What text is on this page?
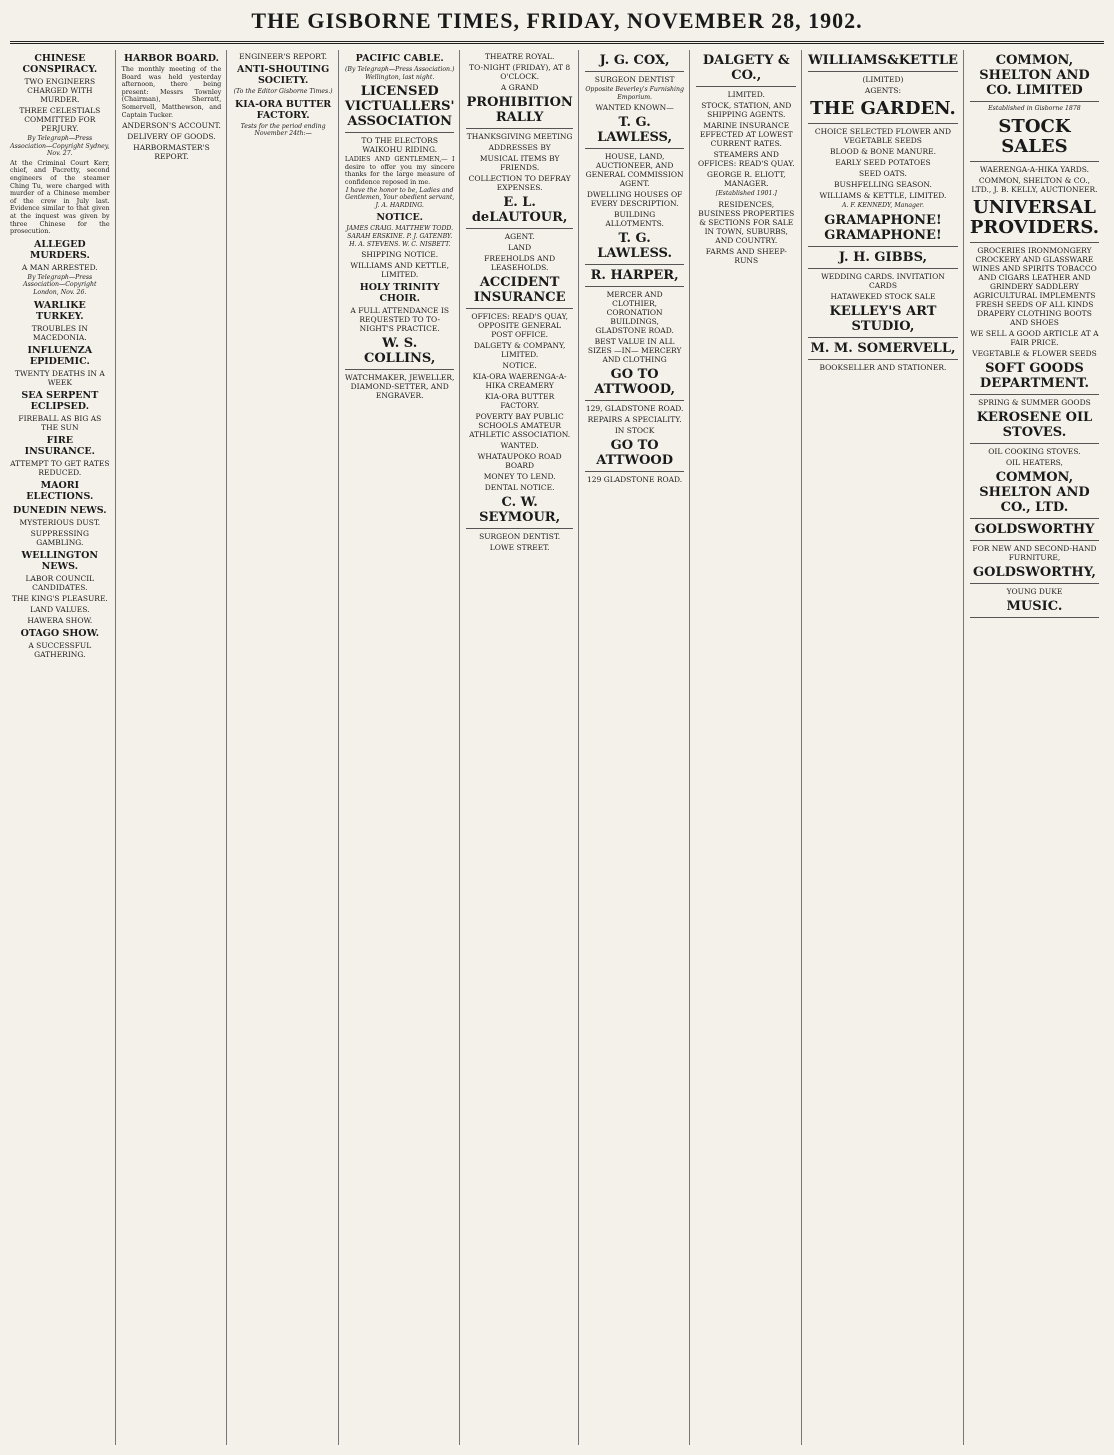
THE GISBORNE TIMES, FRIDAY, NOVEMBER 28, 1902.
CHINESE CONSPIRACY.
TWO ENGINEERS CHARGED WITH MURDER.
THREE CELESTIALS COMMITTED FOR PERJURY.
By Telegraph—Press Association—Copyright Sydney, Nov. 27.
At the Criminal Court Kerr, chief, and Pacretty, second engineers of the steamer Ching Tu, were charged with murder of a Chinese member of the crew in July last. Evidence similar to that given at the inquest was given by three Chinese for the prosecution.
ALLEGED MURDERS.
A MAN ARRESTED.
By Telegraph—Press Association—Copyright London, Nov. 26.
WARLIKE TURKEY.
TROUBLES IN MACEDONIA.
INFLUENZA EPIDEMIC.
TWENTY DEATHS IN A WEEK
SEA SERPENT ECLIPSED.
FIREBALL AS BIG AS THE SUN
FIRE INSURANCE.
ATTEMPT TO GET RATES REDUCED.
MAORI ELECTIONS.
DUNEDIN NEWS.
MYSTERIOUS DUST.
SUPPRESSING GAMBLING.
WELLINGTON NEWS.
LABOR COUNCIL CANDIDATES.
THE KING'S PLEASURE.
LAND VALUES.
HAWERA SHOW.
OTAGO SHOW.
A SUCCESSFUL GATHERING.
HARBOR BOARD.
The monthly meeting of the Board was held yesterday afternoon, there being present: Messrs Townley (Chairman), Sherratt, Somervell, Matthewson, and Captain Tucker.
ANDERSON'S ACCOUNT.
DELIVERY OF GOODS.
HARBORMASTER'S REPORT.
ENGINEER'S REPORT.
ANTI-SHOUTING SOCIETY.
(To the Editor Gisborne Times.)
KIA-ORA BUTTER FACTORY.
Tests for the period ending November 24th:—
PACIFIC CABLE.
(By Telegraph—Press Association.) Wellington, last night.
LICENSED VICTUALLERS' ASSOCIATION
TO THE ELECTORS WAIKOHU RIDING.
LADIES AND GENTLEMEN,— I desire to offer you my sincere thanks for the large measure of confidence reposed in me.
I have the honor to be, Ladies and Gentlemen, Your obedient servant, J. A. HARDING.
NOTICE.
JAMES CRAIG. MATTHEW TODD. SARAH ERSKINE. P. J. GATENBY. H. A. STEVENS. W. C. NISBETT.
SHIPPING NOTICE.
WILLIAMS AND KETTLE, LIMITED.
HOLY TRINITY CHOIR.
A FULL ATTENDANCE IS REQUESTED TO TO-NIGHT'S PRACTICE.
W. S. COLLINS,
WATCHMAKER, JEWELLER, DIAMOND-SETTER, AND ENGRAVER.
THEATRE ROYAL.
TO-NIGHT (FRIDAY), AT 8 O'CLOCK.
A GRAND
PROHIBITION RALLY
THANKSGIVING MEETING
ADDRESSES BY
MUSICAL ITEMS BY FRIENDS.
COLLECTION TO DEFRAY EXPENSES.
E. L. deLAUTOUR,
AGENT.
LAND
FREEHOLDS AND LEASEHOLDS.
ACCIDENT INSURANCE
OFFICES: READ'S QUAY, OPPOSITE GENERAL POST OFFICE.
DALGETY & COMPANY, LIMITED.
NOTICE.
KIA-ORA WAERENGA-A-HIKA CREAMERY
KIA-ORA BUTTER FACTORY.
POVERTY BAY PUBLIC SCHOOLS AMATEUR ATHLETIC ASSOCIATION.
WANTED.
WHATAUPOKO ROAD BOARD
MONEY TO LEND.
DENTAL NOTICE.
C. W. SEYMOUR,
SURGEON DENTIST.
LOWE STREET.
J. G. COX,
SURGEON DENTIST
Opposite Beverley's Furnishing Emporium.
WANTED KNOWN—
T. G. LAWLESS,
HOUSE, LAND, AUCTIONEER, AND GENERAL COMMISSION AGENT.
DWELLING HOUSES OF EVERY DESCRIPTION.
BUILDING ALLOTMENTS.
T. G. LAWLESS.
R. HARPER,
MERCER AND CLOTHIER, CORONATION BUILDINGS, GLADSTONE ROAD.
BEST VALUE IN ALL SIZES —IN— MERCERY AND CLOTHING
GO TO ATTWOOD,
129, GLADSTONE ROAD.
REPAIRS A SPECIALITY.
IN STOCK
GO TO ATTWOOD
129 GLADSTONE ROAD.
DALGETY & CO.,
LIMITED.
STOCK, STATION, AND SHIPPING AGENTS.
MARINE INSURANCE EFFECTED AT LOWEST CURRENT RATES.
STEAMERS AND OFFICES: READ'S QUAY.
GEORGE R. ELIOTT, MANAGER.
[Established 1901.]
RESIDENCES, BUSINESS PROPERTIES & SECTIONS FOR SALE IN TOWN, SUBURBS, AND COUNTRY.
FARMS AND SHEEP-RUNS
WILLIAMS&KETTLE
(LIMITED)
AGENTS:
THE GARDEN.
CHOICE SELECTED FLOWER AND VEGETABLE SEEDS
BLOOD & BONE MANURE.
EARLY SEED POTATOES
SEED OATS.
BUSHFELLING SEASON.
WILLIAMS & KETTLE, LIMITED.
A. F. KENNEDY, Manager.
GRAMAPHONE! GRAMAPHONE!
J. H. GIBBS,
WEDDING CARDS. INVITATION CARDS
HATAWEKED STOCK SALE
KELLEY'S ART STUDIO,
M. M. SOMERVELL,
BOOKSELLER AND STATIONER.
COMMON, SHELTON AND CO. LIMITED
Established in Gisborne 1878
STOCK SALES
WAERENGA-A-HIKA YARDS.
COMMON, SHELTON & CO., LTD., J. B. KELLY, AUCTIONEER.
UNIVERSAL PROVIDERS.
GROCERIES IRONMONGERY CROCKERY AND GLASSWARE WINES AND SPIRITS TOBACCO AND CIGARS LEATHER AND GRINDERY SADDLERY AGRICULTURAL IMPLEMENTS FRESH SEEDS OF ALL KINDS DRAPERY CLOTHING BOOTS AND SHOES
WE SELL A GOOD ARTICLE AT A FAIR PRICE.
VEGETABLE & FLOWER SEEDS
SOFT GOODS DEPARTMENT.
SPRING & SUMMER GOODS
KEROSENE OIL STOVES.
OIL COOKING STOVES.
OIL HEATERS,
COMMON, SHELTON AND CO., LTD.
GOLDSWORTHY
FOR NEW AND SECOND-HAND FURNITURE,
GOLDSWORTHY,
YOUNG DUKE
MUSIC.
